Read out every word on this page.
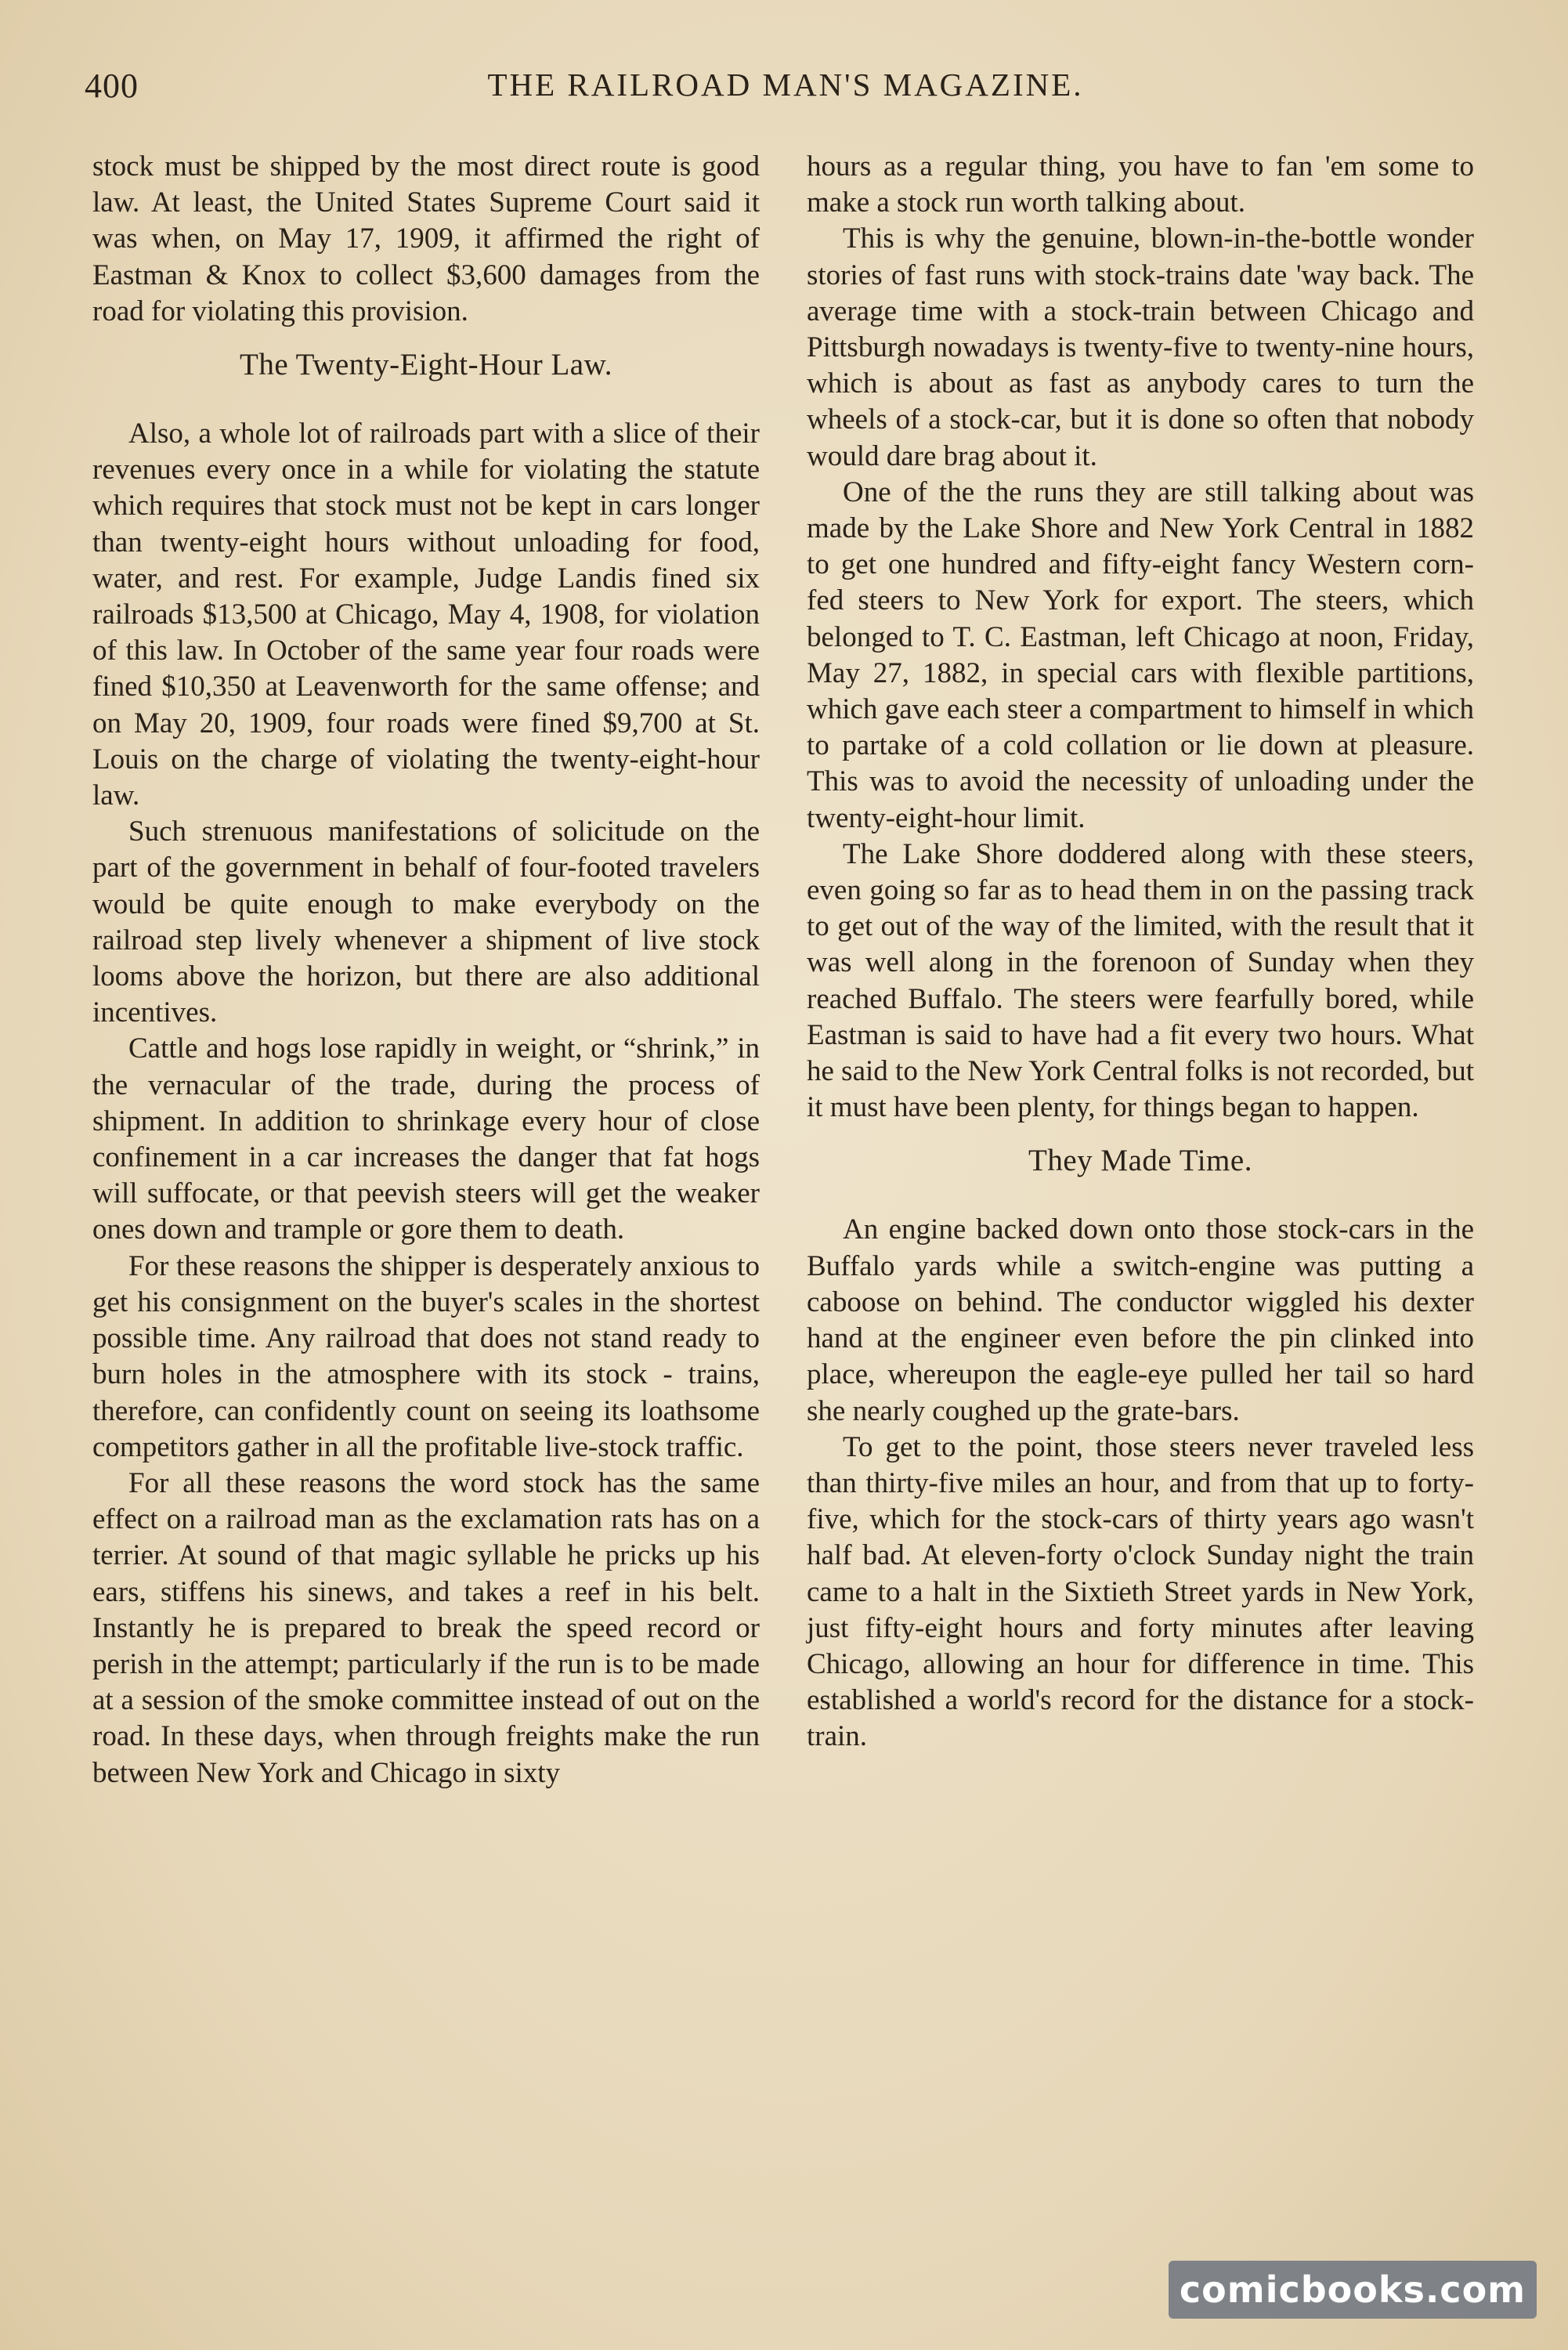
400	THE RAILROAD MAN'S MAGAZINE.

stock must be shipped by the most direct route is good law. At least, the United States Supreme Court said it was when, on May 17, 1909, it affirmed the right of Eastman & Knox to collect $3,600 damages from the road for violating this provision.

The Twenty-Eight-Hour Law.

Also, a whole lot of railroads part with a slice of their revenues every once in a while for violating the statute which requires that stock must not be kept in cars longer than twenty-eight hours without unloading for food, water, and rest. For example, Judge Landis fined six railroads $13,500 at Chicago, May 4, 1908, for violation of this law. In October of the same year four roads were fined $10,350 at Leavenworth for the same offense; and on May 20, 1909, four roads were fined $9,700 at St. Louis on the charge of violating the twenty-eight-hour law.

Such strenuous manifestations of solicitude on the part of the government in behalf of four-footed travelers would be quite enough to make everybody on the railroad step lively whenever a shipment of live stock looms above the horizon, but there are also additional incentives.

Cattle and hogs lose rapidly in weight, or “shrink,” in the vernacular of the trade, during the process of shipment. In addition to shrinkage every hour of close confinement in a car increases the danger that fat hogs will suffocate, or that peevish steers will get the weaker ones down and trample or gore them to death.

For these reasons the shipper is desperately anxious to get his consignment on the buyer's scales in the shortest possible time. Any railroad that does not stand ready to burn holes in the atmosphere with its stock - trains, therefore, can confidently count on seeing its loathsome competitors gather in all the profitable live-stock traffic.

For all these reasons the word stock has the same effect on a railroad man as the exclamation rats has on a terrier. At sound of that magic syllable he pricks up his ears, stiffens his sinews, and takes a reef in his belt. Instantly he is prepared to break the speed record or perish in the attempt; particularly if the run is to be made at a session of the smoke committee instead of out on the road. In these days, when through freights make the run between New York and Chicago in sixty

hours as a regular thing, you have to fan 'em some to make a stock run worth talking about.

This is why the genuine, blown-in-the-bottle wonder stories of fast runs with stock-trains date 'way back. The average time with a stock-train between Chicago and Pittsburgh nowadays is twenty-five to twenty-nine hours, which is about as fast as anybody cares to turn the wheels of a stock-car, but it is done so often that nobody would dare brag about it.

One of the the runs they are still talking about was made by the Lake Shore and New York Central in 1882 to get one hundred and fifty-eight fancy Western corn-fed steers to New York for export. The steers, which belonged to T. C. Eastman, left Chicago at noon, Friday, May 27, 1882, in special cars with flexible partitions, which gave each steer a compartment to himself in which to partake of a cold collation or lie down at pleasure. This was to avoid the necessity of unloading under the twenty-eight-hour limit.

The Lake Shore doddered along with these steers, even going so far as to head them in on the passing track to get out of the way of the limited, with the result that it was well along in the forenoon of Sunday when they reached Buffalo. The steers were fearfully bored, while Eastman is said to have had a fit every two hours. What he said to the New York Central folks is not recorded, but it must have been plenty, for things began to happen.

They Made Time.

An engine backed down onto those stock-cars in the Buffalo yards while a switch-engine was putting a caboose on behind. The conductor wiggled his dexter hand at the engineer even before the pin clinked into place, whereupon the eagle-eye pulled her tail so hard she nearly coughed up the grate-bars.

To get to the point, those steers never traveled less than thirty-five miles an hour, and from that up to forty-five, which for the stock-cars of thirty years ago wasn't half bad. At eleven-forty o'clock Sunday night the train came to a halt in the Sixtieth Street yards in New York, just fifty-eight hours and forty minutes after leaving Chicago, allowing an hour for difference in time. This established a world's record for the distance for a stock-train.

comicbooks.com
